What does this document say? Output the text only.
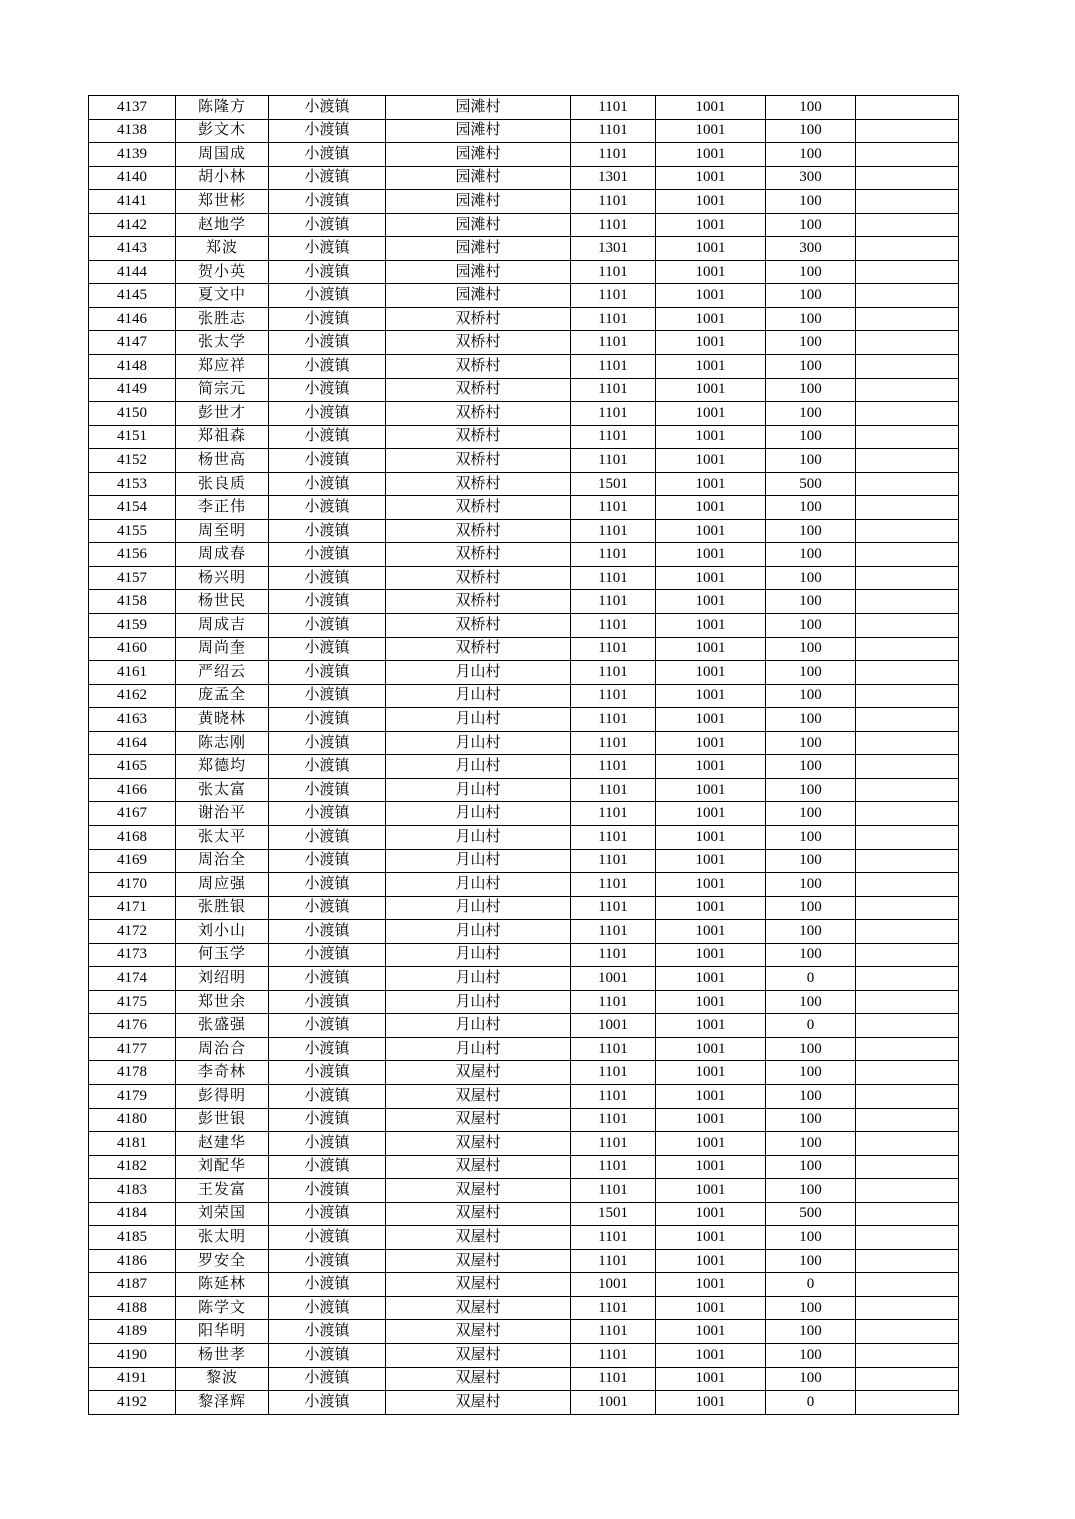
4137	陈隆方	小渡镇	园滩村	1101	1001	100	
4138	彭文木	小渡镇	园滩村	1101	1001	100	
4139	周国成	小渡镇	园滩村	1101	1001	100	
4140	胡小林	小渡镇	园滩村	1301	1001	300	
4141	郑世彬	小渡镇	园滩村	1101	1001	100	
4142	赵地学	小渡镇	园滩村	1101	1001	100	
4143	郑波	小渡镇	园滩村	1301	1001	300	
4144	贺小英	小渡镇	园滩村	1101	1001	100	
4145	夏文中	小渡镇	园滩村	1101	1001	100	
4146	张胜志	小渡镇	双桥村	1101	1001	100	
4147	张太学	小渡镇	双桥村	1101	1001	100	
4148	郑应祥	小渡镇	双桥村	1101	1001	100	
4149	简宗元	小渡镇	双桥村	1101	1001	100	
4150	彭世才	小渡镇	双桥村	1101	1001	100	
4151	郑祖森	小渡镇	双桥村	1101	1001	100	
4152	杨世高	小渡镇	双桥村	1101	1001	100	
4153	张良质	小渡镇	双桥村	1501	1001	500	
4154	李正伟	小渡镇	双桥村	1101	1001	100	
4155	周至明	小渡镇	双桥村	1101	1001	100	
4156	周成春	小渡镇	双桥村	1101	1001	100	
4157	杨兴明	小渡镇	双桥村	1101	1001	100	
4158	杨世民	小渡镇	双桥村	1101	1001	100	
4159	周成吉	小渡镇	双桥村	1101	1001	100	
4160	周尚奎	小渡镇	双桥村	1101	1001	100	
4161	严绍云	小渡镇	月山村	1101	1001	100	
4162	庞孟全	小渡镇	月山村	1101	1001	100	
4163	黄晓林	小渡镇	月山村	1101	1001	100	
4164	陈志刚	小渡镇	月山村	1101	1001	100	
4165	郑德均	小渡镇	月山村	1101	1001	100	
4166	张太富	小渡镇	月山村	1101	1001	100	
4167	谢治平	小渡镇	月山村	1101	1001	100	
4168	张太平	小渡镇	月山村	1101	1001	100	
4169	周治全	小渡镇	月山村	1101	1001	100	
4170	周应强	小渡镇	月山村	1101	1001	100	
4171	张胜银	小渡镇	月山村	1101	1001	100	
4172	刘小山	小渡镇	月山村	1101	1001	100	
4173	何玉学	小渡镇	月山村	1101	1001	100	
4174	刘绍明	小渡镇	月山村	1001	1001	0	
4175	郑世余	小渡镇	月山村	1101	1001	100	
4176	张盛强	小渡镇	月山村	1001	1001	0	
4177	周治合	小渡镇	月山村	1101	1001	100	
4178	李奇林	小渡镇	双屋村	1101	1001	100	
4179	彭得明	小渡镇	双屋村	1101	1001	100	
4180	彭世银	小渡镇	双屋村	1101	1001	100	
4181	赵建华	小渡镇	双屋村	1101	1001	100	
4182	刘配华	小渡镇	双屋村	1101	1001	100	
4183	王发富	小渡镇	双屋村	1101	1001	100	
4184	刘荣国	小渡镇	双屋村	1501	1001	500	
4185	张太明	小渡镇	双屋村	1101	1001	100	
4186	罗安全	小渡镇	双屋村	1101	1001	100	
4187	陈延林	小渡镇	双屋村	1001	1001	0	
4188	陈学文	小渡镇	双屋村	1101	1001	100	
4189	阳华明	小渡镇	双屋村	1101	1001	100	
4190	杨世孝	小渡镇	双屋村	1101	1001	100	
4191	黎波	小渡镇	双屋村	1101	1001	100	
4192	黎泽辉	小渡镇	双屋村	1001	1001	0	
